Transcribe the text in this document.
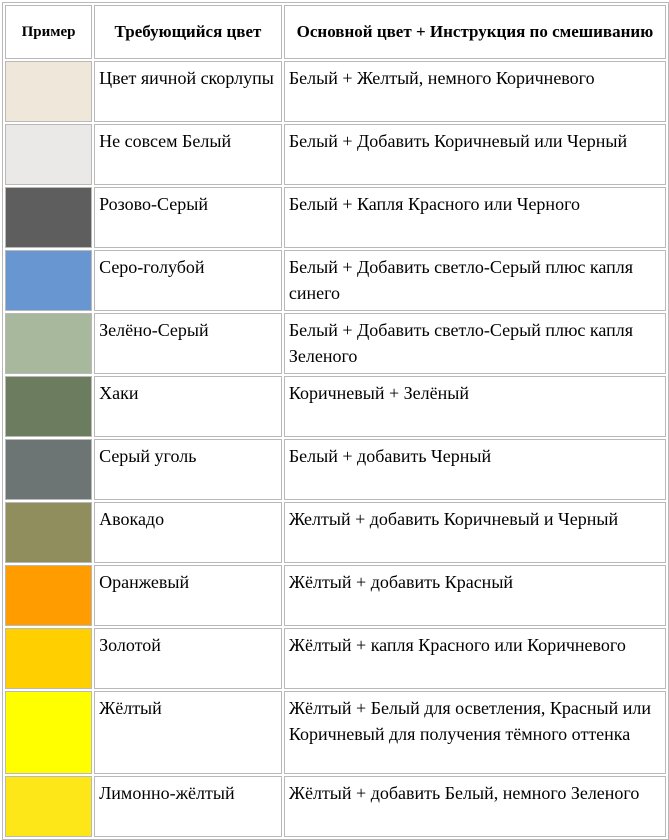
Пример	Требующийся цвет	Основной цвет + Инструкция по смешиванию

	Цвет яичной скорлупы	Белый + Желтый, немного Коричневого

	Не совсем Белый	Белый + Добавить Коричневый или Черный

	Розово-Серый	Белый + Капля Красного или Черного

	Серо-голубой	Белый + Добавить светло-Серый плюс капля синего

	Зелёно-Серый	Белый + Добавить светло-Серый плюс капля Зеленого

	Хаки	Коричневый + Зелёный

	Серый уголь	Белый + добавить Черный

	Авокадо	Желтый + добавить Коричневый и Черный

	Оранжевый	Жёлтый + добавить Красный

	Золотой	Жёлтый + капля Красного или Коричневого

	Жёлтый	Жёлтый + Белый для осветления, Красный или Коричневый для получения тёмного оттенка

	Лимонно-жёлтый	Жёлтый + добавить Белый, немного Зеленого
